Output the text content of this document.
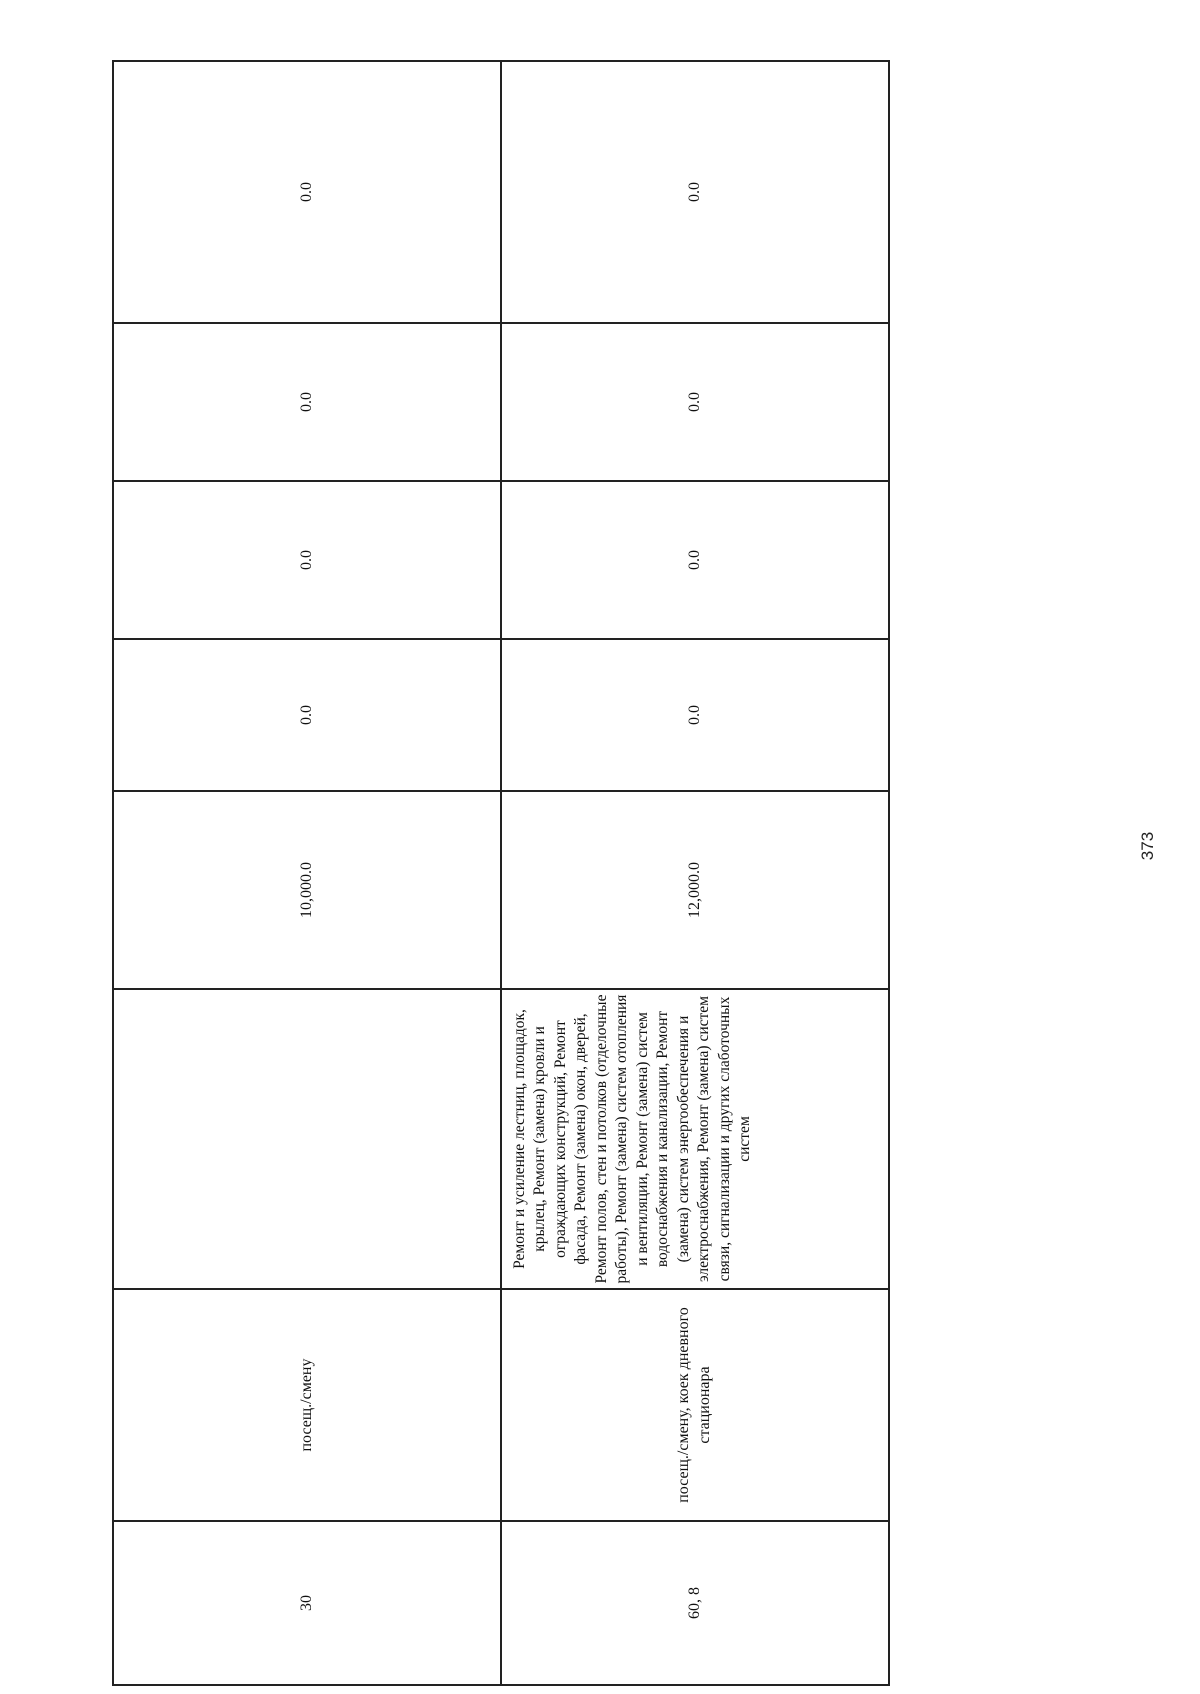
30	посещ./смену		10,000.0	0.0	0.0	0.0	0.0
60, 8	посещ./смену, коек дневного стационара	Ремонт и усиление лестниц, площадок, крылец, Ремонт (замена) кровли и ограждающих конструкций, Ремонт фасада, Ремонт (замена) окон, дверей, Ремонт полов, стен и потолков (отделочные работы), Ремонт (замена) систем отопления и вентиляции, Ремонт (замена) систем водоснабжения и канализации, Ремонт (замена) систем энергообеспечения и электроснабжения, Ремонт (замена) систем связи, сигнализации и других слаботочных систем	12,000.0	0.0	0.0	0.0	0.0
373
